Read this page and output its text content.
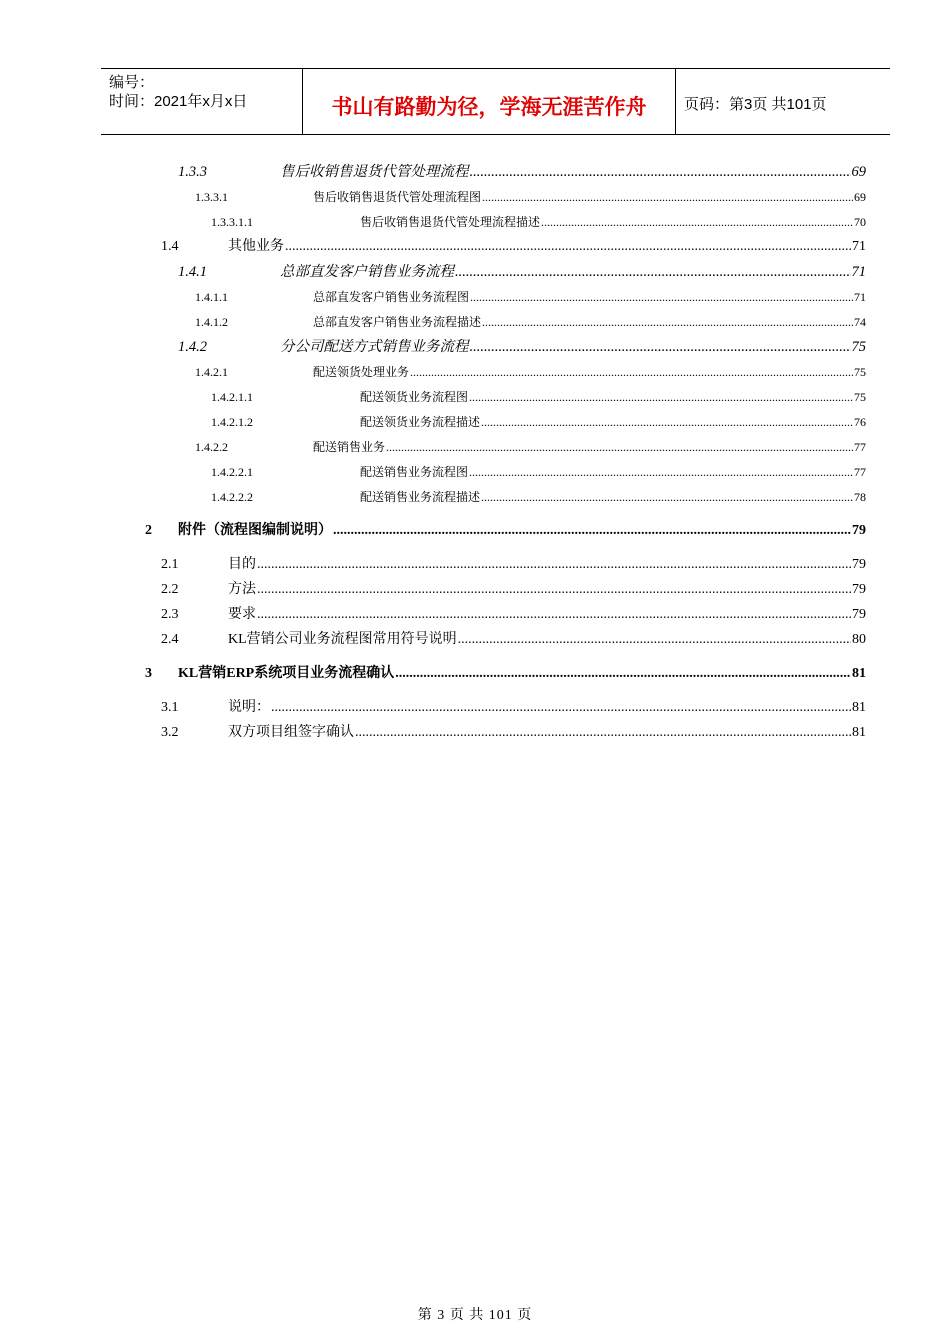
编号：
时间：2021年x月x日	书山有路勤为径，学海无涯苦作舟	页码：第3页 共101页
1.3.3	售后收销售退货代管处理流程 .....	69
1.3.3.1	售后收销售退货代管处理流程图 .....	69
1.3.3.1.1	售后收销售退货代管处理流程描述 .....	70
1.4	其他业务 .....	71
1.4.1	总部直发客户销售业务流程 .....	71
1.4.1.1	总部直发客户销售业务流程图 .....	71
1.4.1.2	总部直发客户销售业务流程描述 .....	74
1.4.2	分公司配送方式销售业务流程 .....	75
1.4.2.1	配送领货处理业务 .....	75
1.4.2.1.1	配送领货业务流程图 .....	75
1.4.2.1.2	配送领货业务流程描述 .....	76
1.4.2.2	配送销售业务 .....	77
1.4.2.2.1	配送销售业务流程图 .....	77
1.4.2.2.2	配送销售业务流程描述 .....	78
2 附件（流程图编制说明） .....	79
2.1	目的 .....	79
2.2	方法 .....	79
2.3	要求 .....	79
2.4	KL营销公司业务流程图常用符号说明 .....	80
3 KL营销ERP系统项目业务流程确认 .....	81
3.1	说明： .....	81
3.2	双方项目组签字确认 .....	81
第 3 页 共 101 页
